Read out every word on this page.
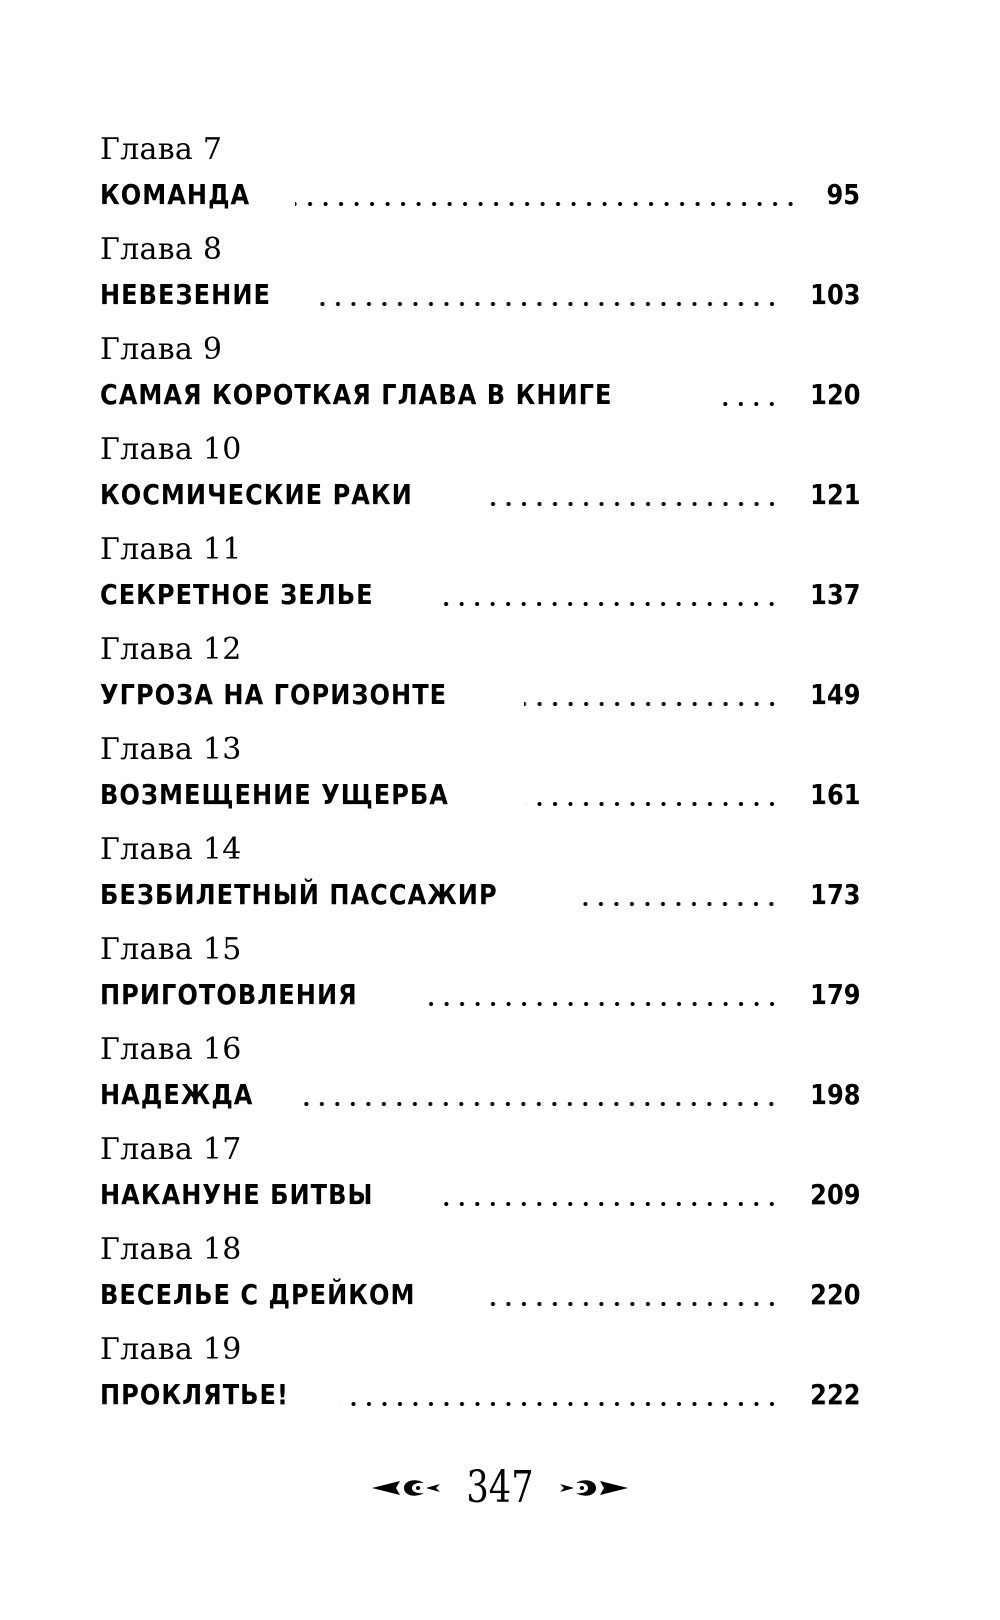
Глава 7
КОМАНДА	95
Глава 8
НЕВЕЗЕНИЕ	103
Глава 9
САМАЯ КОРОТКАЯ ГЛАВА В КНИГЕ	120
Глава 10
КОСМИЧЕСКИЕ РАКИ	121
Глава 11
СЕКРЕТНОЕ ЗЕЛЬЕ	137
Глава 12
УГРОЗА НА ГОРИЗОНТЕ	149
Глава 13
ВОЗМЕЩЕНИЕ УЩЕРБА	161
Глава 14
БЕЗБИЛЕТНЫЙ ПАССАЖИР	173
Глава 15
ПРИГОТОВЛЕНИЯ	179
Глава 16
НАДЕЖДА	198
Глава 17
НАКАНУНЕ БИТВЫ	209
Глава 18
ВЕСЕЛЬЕ С ДРЕЙКОМ	220
Глава 19
ПРОКЛЯТЬЕ!	222
347
